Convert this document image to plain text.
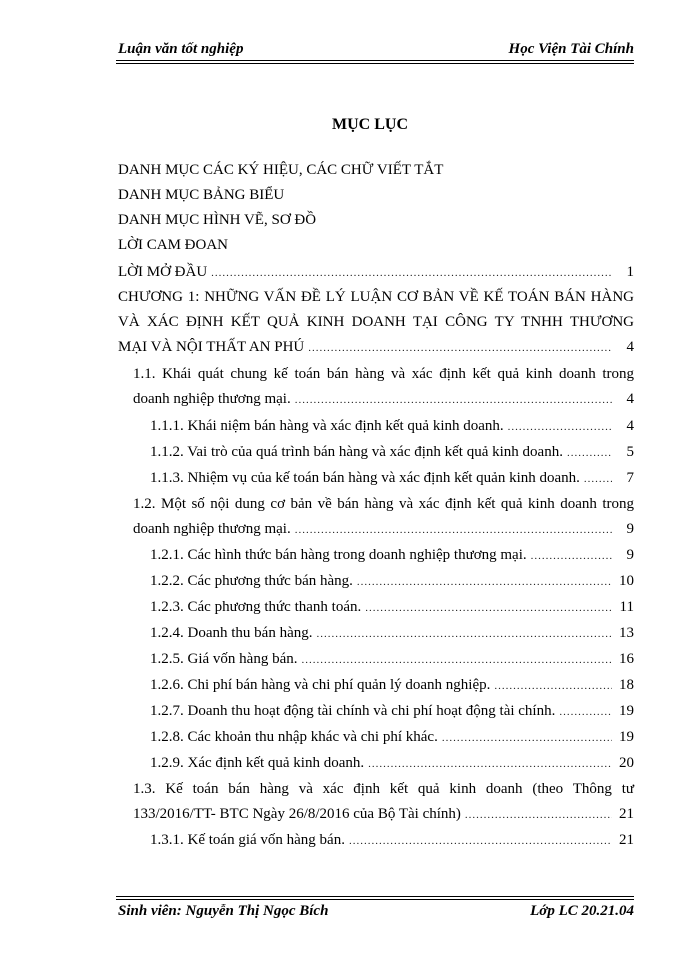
Luận văn tốt nghiệp	Học Viện Tài Chính
MỤC LỤC
DANH MỤC CÁC KÝ HIỆU, CÁC CHỮ VIẾT TẮT
DANH MỤC BẢNG BIỂU
DANH MỤC HÌNH VẼ, SƠ ĐỒ
LỜI CAM ĐOAN
LỜI MỞ ĐẦU .....	1
CHƯƠNG 1: NHỮNG VẤN ĐỀ LÝ LUẬN CƠ BẢN VỀ KẾ TOÁN BÁN HÀNG
VÀ XÁC ĐỊNH KẾT QUẢ KINH DOANH TẠI CÔNG TY TNHH THƯƠNG
MẠI VÀ NỘI THẤT AN PHÚ .....	4
1.1. Khái quát chung kế toán bán hàng và xác định kết quả kinh doanh trong
doanh nghiệp thương mại. .....	4
1.1.1. Khái niệm bán hàng và xác định kết quả kinh doanh. .....	4
1.1.2. Vai trò của quá trình bán hàng và xác định kết quả kinh doanh. .....	5
1.1.3. Nhiệm vụ của kế toán bán hàng và xác định kết quản kinh doanh. .....	7
1.2. Một số nội dung cơ bản về bán hàng và xác định kết quả kinh doanh trong
doanh nghiệp thương mại. .....	9
1.2.1. Các hình thức bán hàng trong doanh nghiệp thương mại. .....	9
1.2.2. Các phương thức bán hàng. .....	10
1.2.3. Các phương thức thanh toán. .....	11
1.2.4. Doanh thu bán hàng. .....	13
1.2.5. Giá vốn hàng bán. .....	16
1.2.6. Chi phí bán hàng và chi phí quản lý doanh nghiệp. .....	18
1.2.7. Doanh thu hoạt động tài chính và chi phí hoạt động tài chính. .....	19
1.2.8. Các khoản thu nhập khác và chi phí khác. .....	19
1.2.9. Xác định kết quả kinh doanh. .....	20
1.3. Kế toán bán hàng và xác định kết quả kinh doanh (theo Thông tư
133/2016/TT- BTC Ngày 26/8/2016 của Bộ Tài chính) .....	21
1.3.1. Kế toán giá vốn hàng bán. .....	21
Sinh viên: Nguyễn Thị Ngọc Bích	Lớp LC 20.21.04
